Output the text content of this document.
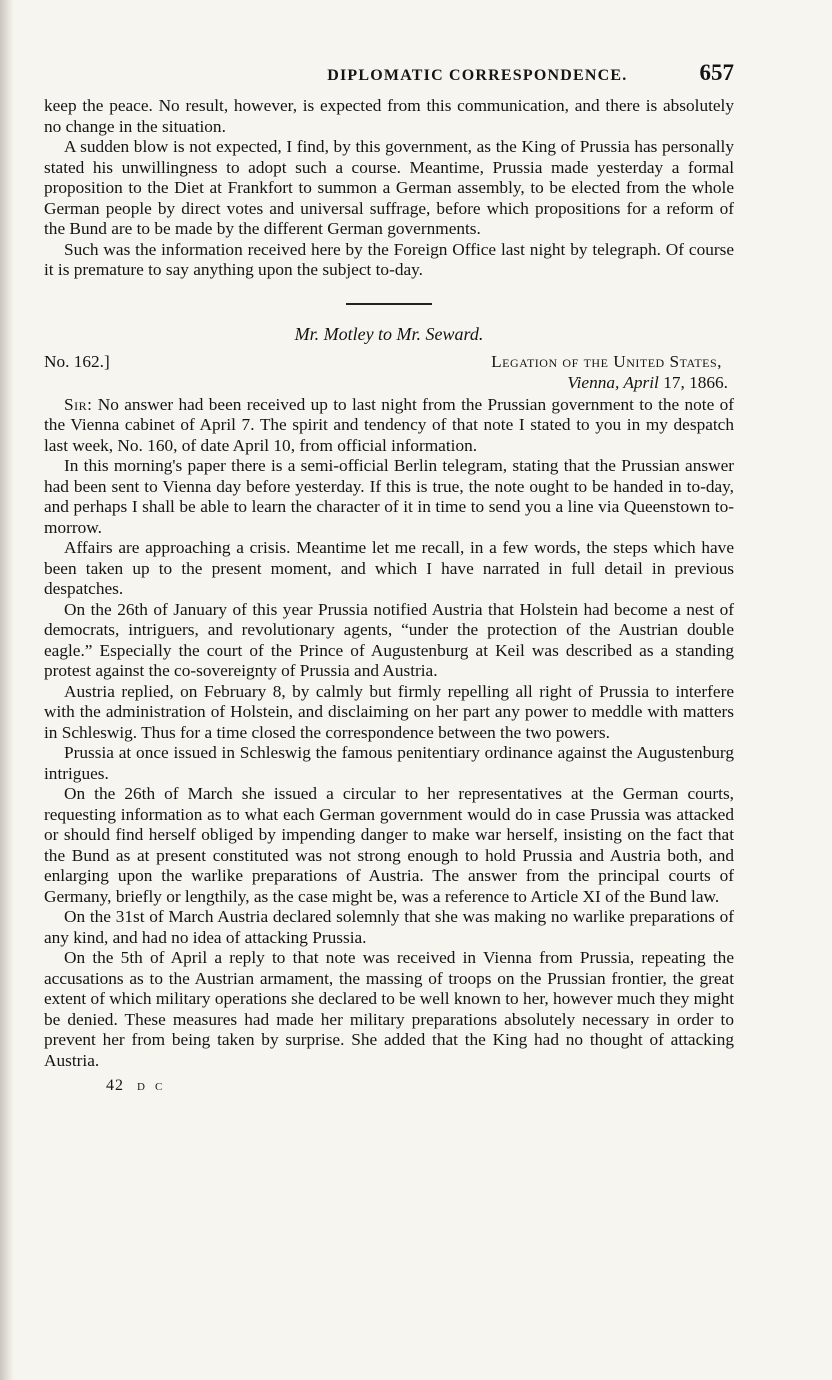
DIPLOMATIC CORRESPONDENCE.	657

keep the peace. No result, however, is expected from this communication, and there is absolutely no change in the situation.

A sudden blow is not expected, I find, by this government, as the King of Prussia has personally stated his unwillingness to adopt such a course. Meantime, Prussia made yesterday a formal proposition to the Diet at Frankfort to summon a German assembly, to be elected from the whole German people by direct votes and universal suffrage, before which propositions for a reform of the Bund are to be made by the different German governments.

Such was the information received here by the Foreign Office last night by telegraph. Of course it is premature to say anything upon the subject to-day.

Mr. Motley to Mr. Seward.
No. 162.]	Legation of the United States,
Vienna, April 17, 1866.

Sir: No answer had been received up to last night from the Prussian government to the note of the Vienna cabinet of April 7. The spirit and tendency of that note I stated to you in my despatch last week, No. 160, of date April 10, from official information.

In this morning's paper there is a semi-official Berlin telegram, stating that the Prussian answer had been sent to Vienna day before yesterday. If this is true, the note ought to be handed in to-day, and perhaps I shall be able to learn the character of it in time to send you a line via Queenstown to-morrow.

Affairs are approaching a crisis. Meantime let me recall, in a few words, the steps which have been taken up to the present moment, and which I have narrated in full detail in previous despatches.

On the 26th of January of this year Prussia notified Austria that Holstein had become a nest of democrats, intriguers, and revolutionary agents, “under the protection of the Austrian double eagle.” Especially the court of the Prince of Augustenburg at Keil was described as a standing protest against the co-sovereignty of Prussia and Austria.

Austria replied, on February 8, by calmly but firmly repelling all right of Prussia to interfere with the administration of Holstein, and disclaiming on her part any power to meddle with matters in Schleswig. Thus for a time closed the correspondence between the two powers.

Prussia at once issued in Schleswig the famous penitentiary ordinance against the Augustenburg intrigues.

On the 26th of March she issued a circular to her representatives at the German courts, requesting information as to what each German government would do in case Prussia was attacked or should find herself obliged by impending danger to make war herself, insisting on the fact that the Bund as at present constituted was not strong enough to hold Prussia and Austria both, and enlarging upon the warlike preparations of Austria. The answer from the principal courts of Germany, briefly or lengthily, as the case might be, was a reference to Article XI of the Bund law.

On the 31st of March Austria declared solemnly that she was making no warlike preparations of any kind, and had no idea of attacking Prussia.

On the 5th of April a reply to that note was received in Vienna from Prussia, repeating the accusations as to the Austrian armament, the massing of troops on the Prussian frontier, the great extent of which military operations she declared to be well known to her, however much they might be denied. These measures had made her military preparations absolutely necessary in order to prevent her from being taken by surprise. She added that the King had no thought of attacking Austria.

42 d c
